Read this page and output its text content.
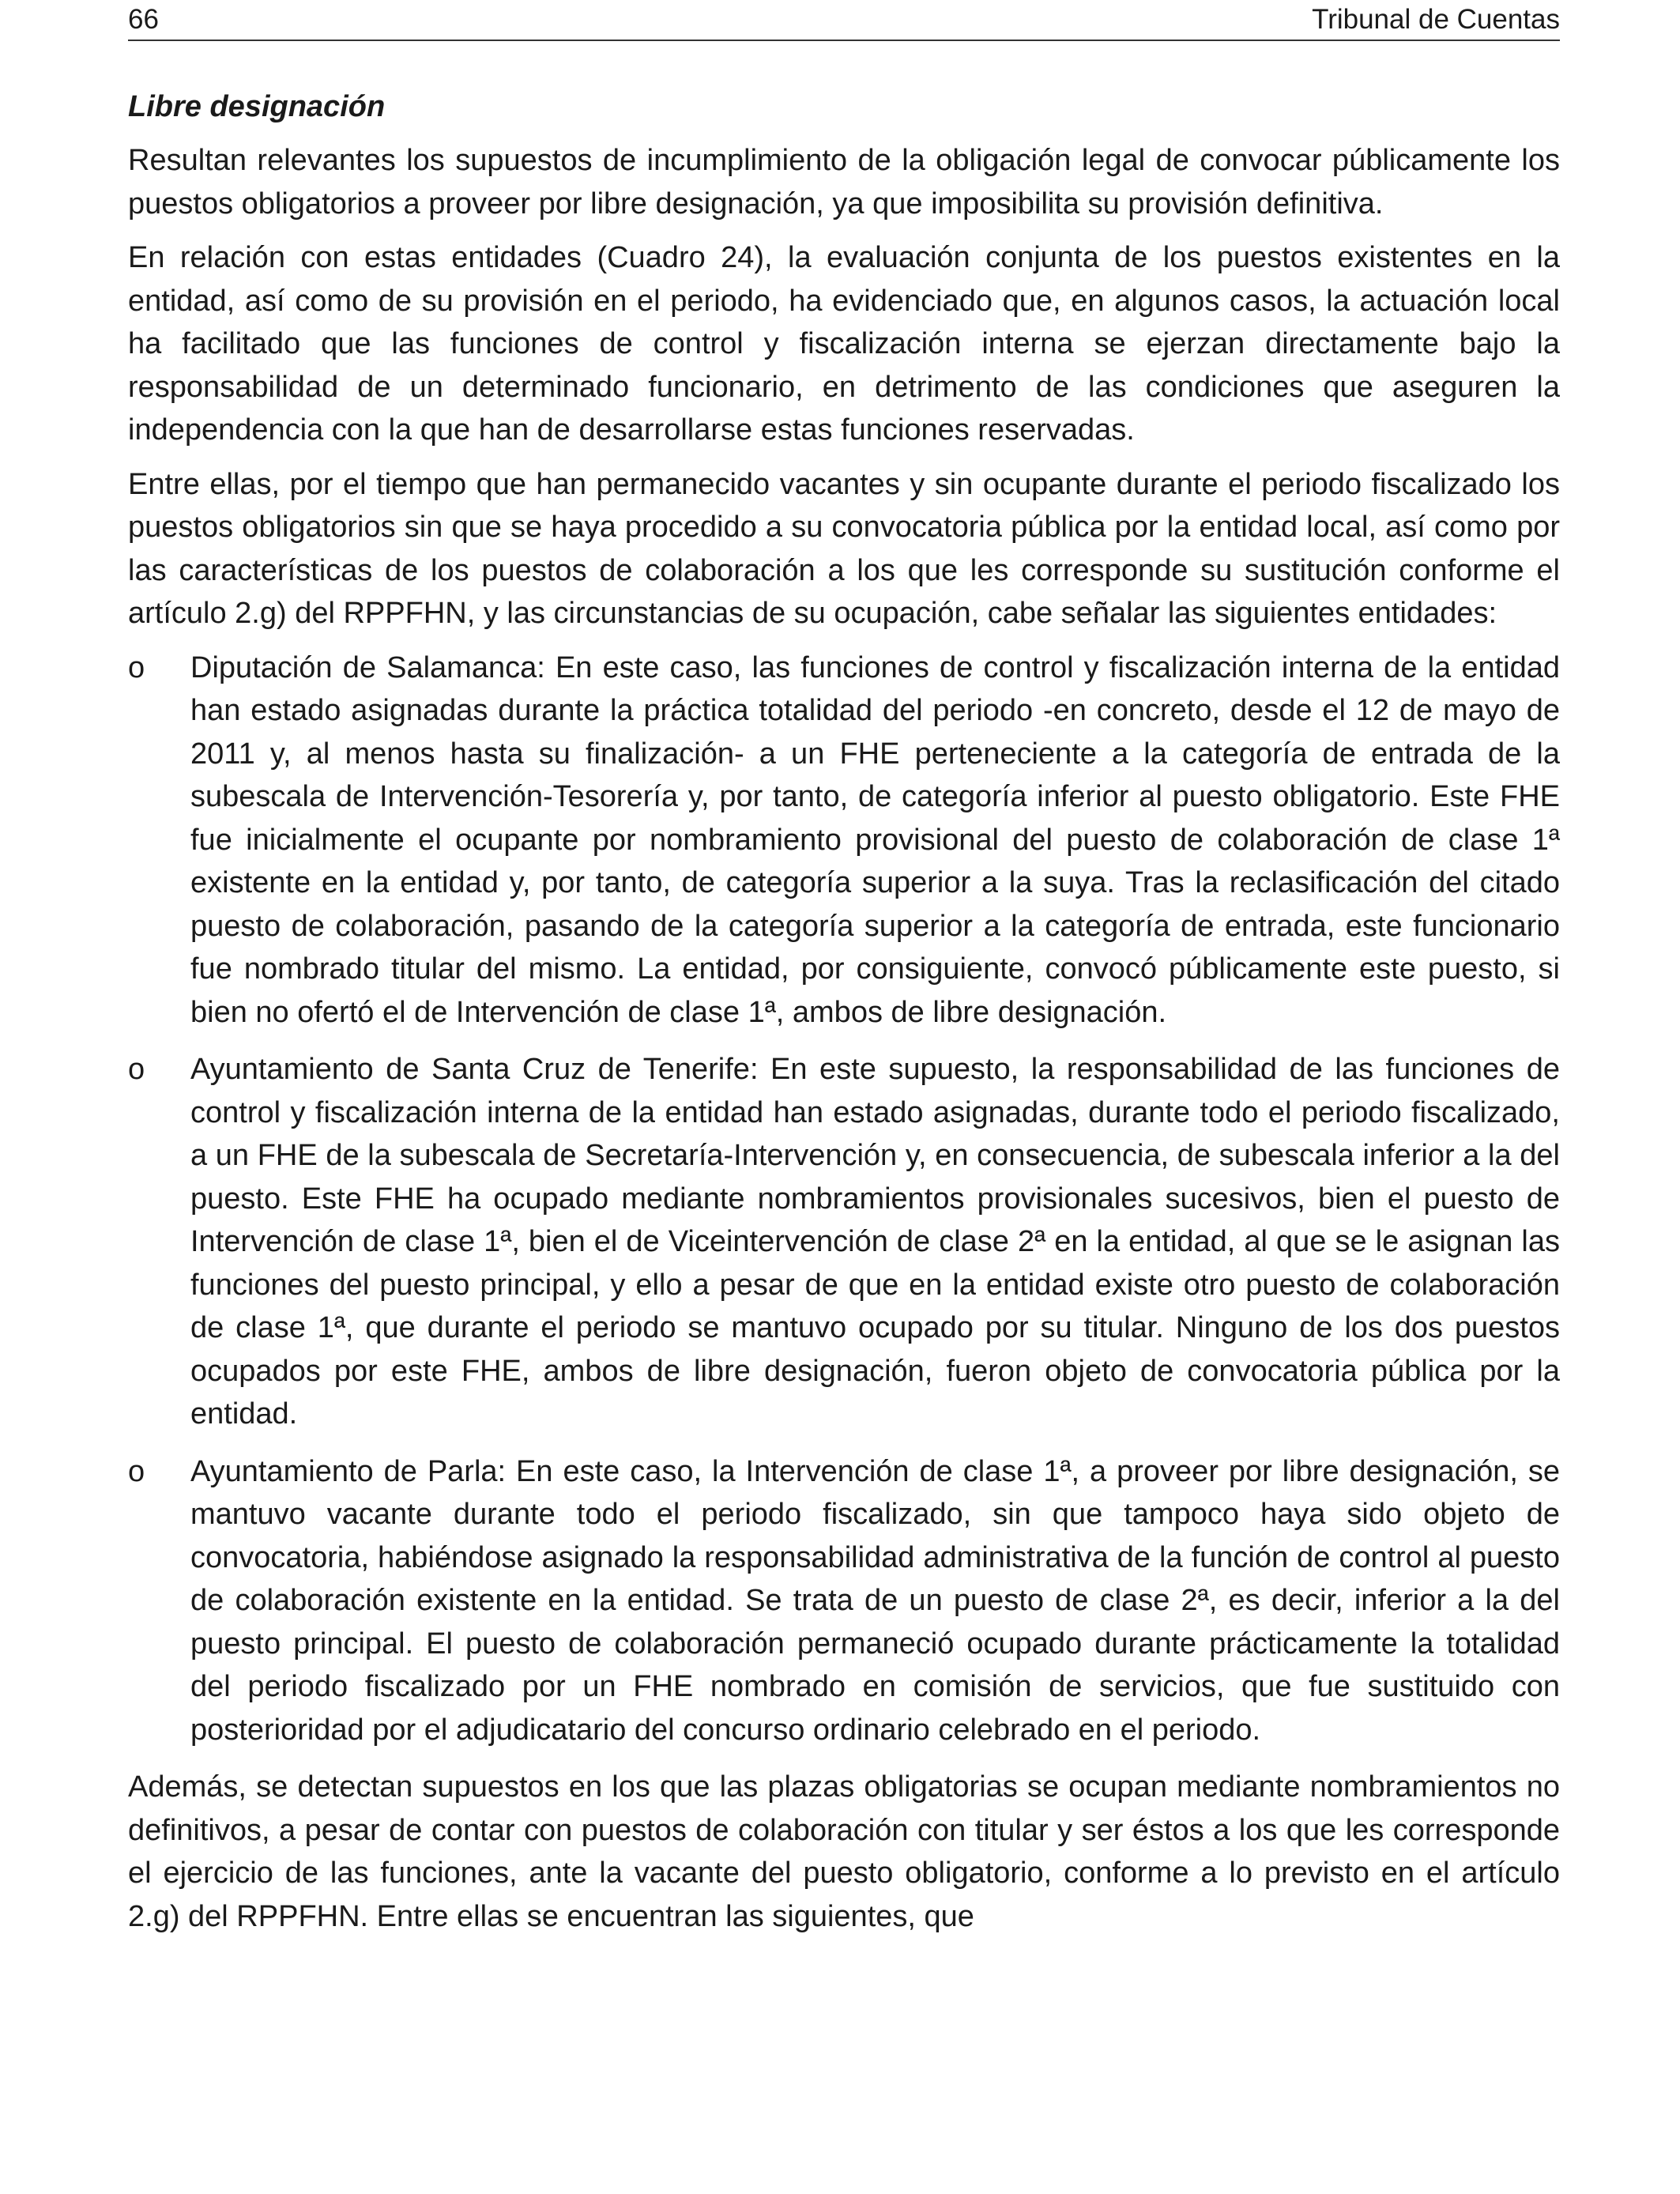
66	Tribunal de Cuentas
Libre designación

Resultan relevantes los supuestos de incumplimiento de la obligación legal de convocar públicamente los puestos obligatorios a proveer por libre designación, ya que imposibilita su provisión definitiva.

En relación con estas entidades (Cuadro 24), la evaluación conjunta de los puestos existentes en la entidad, así como de su provisión en el periodo, ha evidenciado que, en algunos casos, la actuación local ha facilitado que las funciones de control y fiscalización interna se ejerzan directamente bajo la responsabilidad de un determinado funcionario, en detrimento de las condiciones que aseguren la independencia con la que han de desarrollarse estas funciones reservadas.

Entre ellas, por el tiempo que han permanecido vacantes y sin ocupante durante el periodo fiscalizado los puestos obligatorios sin que se haya procedido a su convocatoria pública por la entidad local, así como por las características de los puestos de colaboración a los que les corresponde su sustitución conforme el artículo 2.g) del RPPFHN, y las circunstancias de su ocupación, cabe señalar las siguientes entidades:

o Diputación de Salamanca: En este caso, las funciones de control y fiscalización interna de la entidad han estado asignadas durante la práctica totalidad del periodo -en concreto, desde el 12 de mayo de 2011 y, al menos hasta su finalización- a un FHE perteneciente a la categoría de entrada de la subescala de Intervención-Tesorería y, por tanto, de categoría inferior al puesto obligatorio. Este FHE fue inicialmente el ocupante por nombramiento provisional del puesto de colaboración de clase 1ª existente en la entidad y, por tanto, de categoría superior a la suya. Tras la reclasificación del citado puesto de colaboración, pasando de la categoría superior a la categoría de entrada, este funcionario fue nombrado titular del mismo. La entidad, por consiguiente, convocó públicamente este puesto, si bien no ofertó el de Intervención de clase 1ª, ambos de libre designación.
o Ayuntamiento de Santa Cruz de Tenerife: En este supuesto, la responsabilidad de las funciones de control y fiscalización interna de la entidad han estado asignadas, durante todo el periodo fiscalizado, a un FHE de la subescala de Secretaría-Intervención y, en consecuencia, de subescala inferior a la del puesto. Este FHE ha ocupado mediante nombramientos provisionales sucesivos, bien el puesto de Intervención de clase 1ª, bien el de Viceintervención de clase 2ª en la entidad, al que se le asignan las funciones del puesto principal, y ello a pesar de que en la entidad existe otro puesto de colaboración de clase 1ª, que durante el periodo se mantuvo ocupado por su titular. Ninguno de los dos puestos ocupados por este FHE, ambos de libre designación, fueron objeto de convocatoria pública por la entidad.
o Ayuntamiento de Parla: En este caso, la Intervención de clase 1ª, a proveer por libre designación, se mantuvo vacante durante todo el periodo fiscalizado, sin que tampoco haya sido objeto de convocatoria, habiéndose asignado la responsabilidad administrativa de la función de control al puesto de colaboración existente en la entidad. Se trata de un puesto de clase 2ª, es decir, inferior a la del puesto principal. El puesto de colaboración permaneció ocupado durante prácticamente la totalidad del periodo fiscalizado por un FHE nombrado en comisión de servicios, que fue sustituido con posterioridad por el adjudicatario del concurso ordinario celebrado en el periodo.

Además, se detectan supuestos en los que las plazas obligatorias se ocupan mediante nombramientos no definitivos, a pesar de contar con puestos de colaboración con titular y ser éstos a los que les corresponde el ejercicio de las funciones, ante la vacante del puesto obligatorio, conforme a lo previsto en el artículo 2.g) del RPPFHN. Entre ellas se encuentran las siguientes, que
